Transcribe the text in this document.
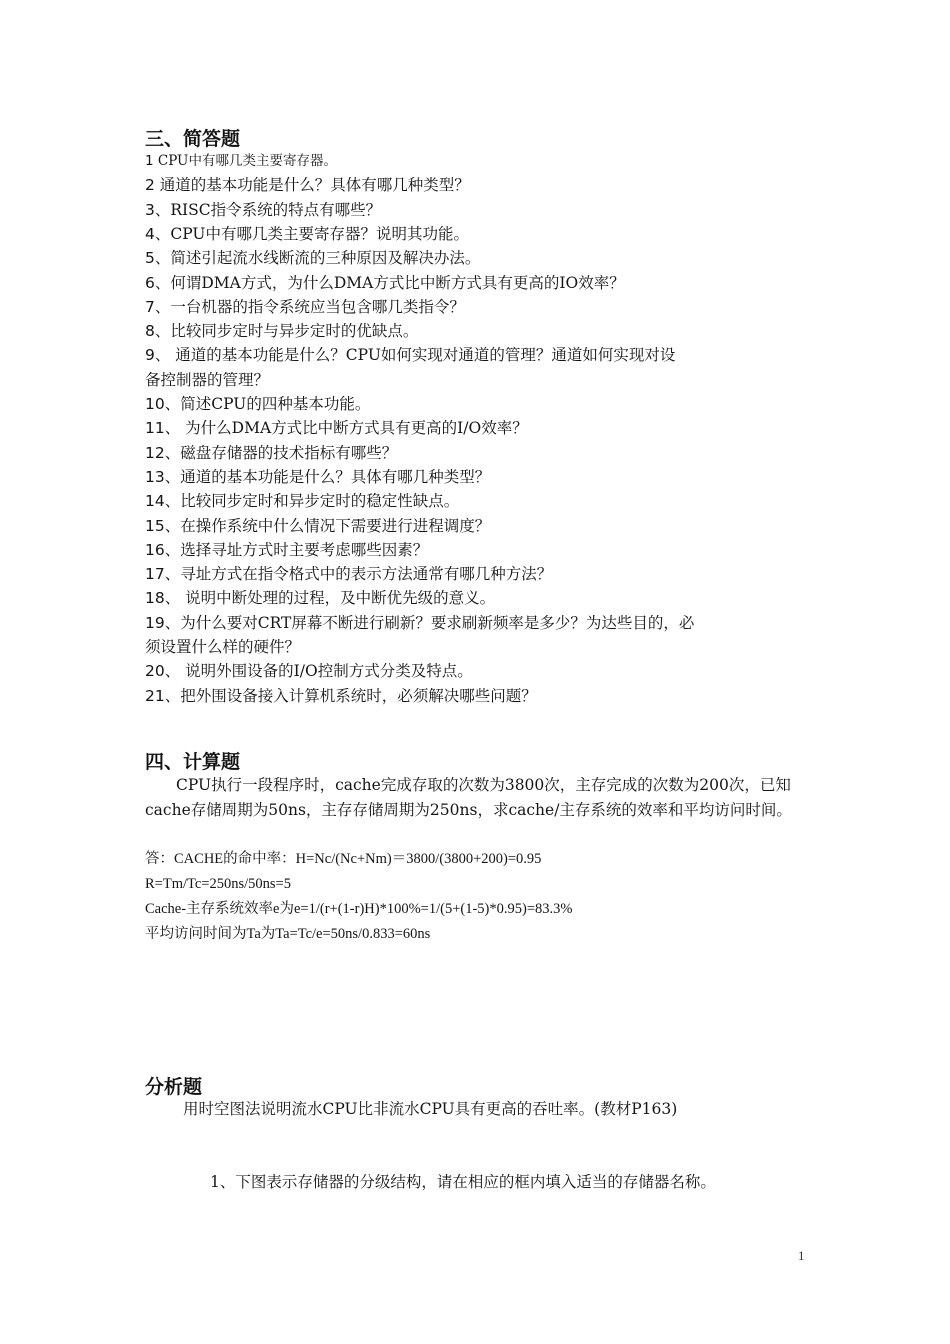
三、简答题
1 CPU中有哪几类主要寄存器。
2 通道的基本功能是什么？具体有哪几种类型？
3、RISC指令系统的特点有哪些？
4、CPU中有哪几类主要寄存器？说明其功能。
5、简述引起流水线断流的三种原因及解决办法。
6、何谓DMA方式，为什么DMA方式比中断方式具有更高的IO效率？
7、一台机器的指令系统应当包含哪几类指令？
8、比较同步定时与异步定时的优缺点。
9、 通道的基本功能是什么？CPU如何实现对通道的管理？通道如何实现对设
备控制器的管理？
10、简述CPU的四种基本功能。
11、 为什么DMA方式比中断方式具有更高的I/O效率？
12、磁盘存储器的技术指标有哪些？
13、通道的基本功能是什么？具体有哪几种类型？
14、比较同步定时和异步定时的稳定性缺点。
15、在操作系统中什么情况下需要进行进程调度？
16、选择寻址方式时主要考虑哪些因素？
17、寻址方式在指令格式中的表示方法通常有哪几种方法？
18、 说明中断处理的过程，及中断优先级的意义。
19、为什么要对CRT屏幕不断进行刷新？要求刷新频率是多少？为达些目的，必
须设置什么样的硬件？
20、 说明外围设备的I/O控制方式分类及特点。
21、把外围设备接入计算机系统时，必须解决哪些问题？
四、计算题
　　CPU执行一段程序时，cache完成存取的次数为3800次，主存完成的次数为200次，已知cache存储周期为50ns，主存存储周期为250ns，求cache/主存系统的效率和平均访问时间。
答：CACHE的命中率：H=Nc/(Nc+Nm)＝3800/(3800+200)=0.95
R=Tm/Tc=250ns/50ns=5
Cache-主存系统效率e为e=1/(r+(1-r)H)*100%=1/(5+(1-5)*0.95)=83.3%
平均访问时间为Ta为Ta=Tc/e=50ns/0.833=60ns
分析题
用时空图法说明流水CPU比非流水CPU具有更高的吞吐率。(教材P163)
1、下图表示存储器的分级结构，请在相应的框内填入适当的存储器名称。
1
